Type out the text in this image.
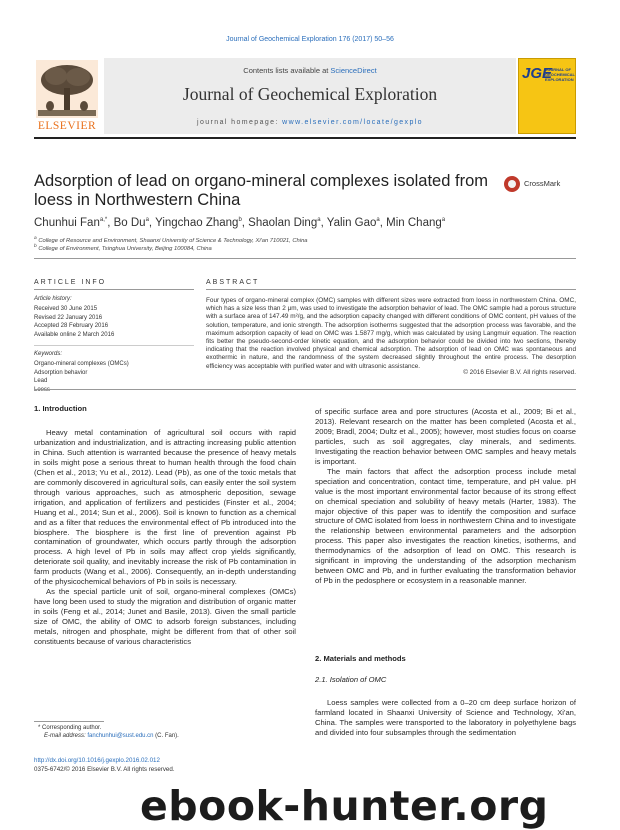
Journal of Geochemical Exploration 176 (2017) 50–56
ELSEVIER
Contents lists available at ScienceDirect
Journal of Geochemical Exploration
journal homepage: www.elsevier.com/locate/gexplo
JGE
JOURNAL OF GEOCHEMICAL EXPLORATION
Adsorption of lead on organo-mineral complexes isolated from loess in Northwestern China
CrossMark
Chunhui Fan$^{a,*}$, Bo Du$^a$, Yingchao Zhang$^b$, Shaolan Ding$^a$, Yalin Gao$^a$, Min Chang$^a$
$^a$ College of Resource and Environment, Shaanxi University of Science & Technology, Xi'an 710021, China
$^b$ College of Environment, Tsinghua University, Beijing 100084, China
ARTICLE INFO
Article history:
Received 30 June 2015
Revised 22 January 2016
Accepted 28 February 2016
Available online 2 March 2016
Keywords:
Organo-mineral complexes (OMCs)
Adsorption behavior
Lead
ABSTRACT
Four types of organo-mineral complex (OMC) samples with different sizes were extracted from loess in northwestern China. OMC, which has a size less than 2 μm, was used to investigate the adsorption behavior of lead. The OMC sample had a porous structure with a surface area of 147.49 m²/g, and the adsorption capacity changed with different conditions of OMC content, pH values of the solution, temperature, and ionic strength. The adsorption isotherms suggested that the adsorption process was favorable, and the maximum adsorption capacity of lead on OMC was 1.5877 mg/g, which was calculated by using Langmuir equation. The reaction fits better the pseudo-second-order kinetic equation, and the adsorption behavior could be divided into two sections, thereby indicating that the reaction involved physical and chemical adsorption. The adsorption of lead on OMC was spontaneous and exothermic in nature, and the randomness of the system decreased slightly throughout the entire process. The desorption efficiency was acceptable with purified water and with ultrasonic assistance.
© 2016 Elsevier B.V. All rights reserved.
1. Introduction

Heavy metal contamination of agricultural soil occurs with rapid urbanization and industrialization, and is attracting increasing public attention in China. Such attention is warranted because the presence of heavy metals in soils might pose a serious threat to human health through the food chain (Chen et al., 2013; Yu et al., 2012). Lead (Pb), as one of the toxic metals that are commonly discovered in agricultural soils, can easily enter the soil system through various approaches, such as atmospheric deposition, sewage irrigation, and application of fertilizers and pesticides (Finster et al., 2004; Huang et al., 2014; Sun et al., 2006). Soil is known to function as a chemical and as a filter that reduces the environmental effect of Pb introduced into the biosphere. The biosphere is the first line of prevention against Pb contamination of groundwater, which occurs partly through the adsorption process. A high level of Pb in soils may affect crop yields significantly, deteriorate soil quality, and inevitably increase the risk of Pb contamination in farm products (Wang et al., 2006). Consequently, an in-depth understanding of the physicochemical behaviors of Pb in soils is necessary.

As the special particle unit of soil, organo-mineral complexes (OMCs) have long been used to study the migration and distribution of organic matter in soils (Feng et al., 2014; Junet and Basile, 2013). Given the small particle size of OMC, the ability of OMC to adsorb foreign substances, including metals, nitrogen and phosphate, might be different from that of other soil constituents because of various characteristics

* Corresponding author.
E-mail address: fanchunhui@sust.edu.cn (C. Fan).
http://dx.doi.org/10.1016/j.gexplo.2016.02.012
0375-6742/© 2016 Elsevier B.V. All rights reserved.

of specific surface area and pore structures (Acosta et al., 2009; Bi et al., 2013). Relevant research on the matter has been completed (Acosta et al., 2009; Bradl, 2004; Dultz et al., 2005); however, most studies focus on coarse particles, such as soil aggregates, clay minerals, and sediments. Investigating the reaction behavior between OMC samples and heavy metals is important.

The main factors that affect the adsorption process include metal speciation and concentration, contact time, temperature, and pH value. pH value is the most important environmental factor because of its strong effect on chemical speciation and solubility of heavy metals (Harter, 1983). The major objective of this paper was to identify the composition and surface structure of OMC isolated from loess in northwestern China and to investigate the relationship between environmental parameters and the adsorption process. This paper also investigates the reaction kinetics, isotherms, and thermodynamics of the adsorption of lead on OMC. This research is significant in improving the understanding of the adsorption mechanism between OMC and Pb, and in further evaluating the transformation behavior of Pb in the pedosphere or ecosystem in a reasonable manner.

2. Materials and methods
2.1. Isolation of OMC

Loess samples were collected from a 0–20 cm deep surface horizon of farmland located in Shaanxi University of Science and Technology, Xi'an, China. The samples were transported to the laboratory in polyethylene bags and divided into four subsamples through the sedimentation

ebook-hunter.org
